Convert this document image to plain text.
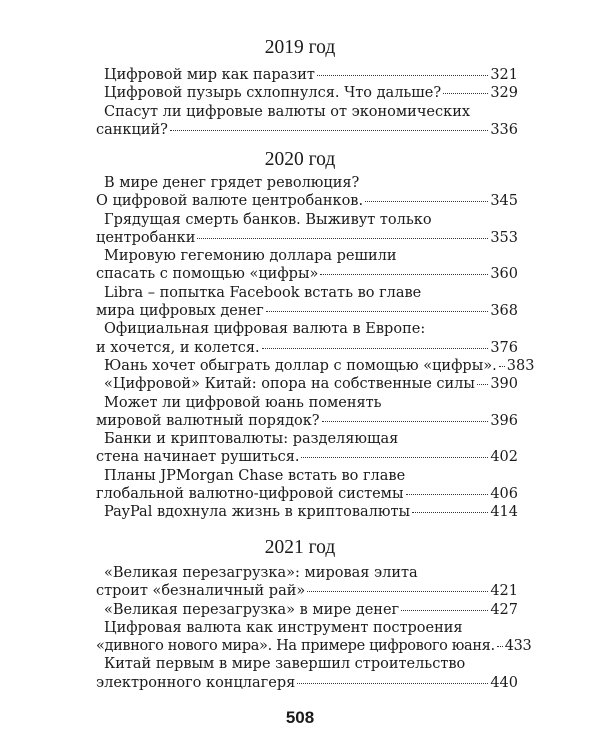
2019 год
Цифровой мир как паразит	321
Цифровой пузырь схлопнулся. Что дальше?	329
Спасут ли цифровые валюты от экономических
санкций?	336
2020 год
В мире денег грядет революция?
О цифровой валюте центробанков.	345
Грядущая смерть банков. Выживут только
центробанки	353
Мировую гегемонию доллара решили
спасать с помощью «цифры»	360
Libra – попытка Facebook встать во главе
мира цифровых денег	368
Официальная цифровая валюта в Европе:
и хочется, и колется.	376
Юань хочет обыграть доллар с помощью «цифры». 383
«Цифровой» Китай: опора на собственные силы 390
Может ли цифровой юань поменять
мировой валютный порядок?	396
Банки и криптовалюты: разделяющая
стена начинает рушиться.	402
Планы JPMorgan Chase встать во главе
глобальной валютно-цифровой системы	406
PayPal вдохнула жизнь в криптовалюты	414
2021 год
«Великая перезагрузка»: мировая элита
строит «безналичный рай»	421
«Великая перезагрузка» в мире денег	427
Цифровая валюта как инструмент построения
«дивного нового мира». На примере цифрового юаня. 433
Китай первым в мире завершил строительство
электронного концлагеря	440
508
